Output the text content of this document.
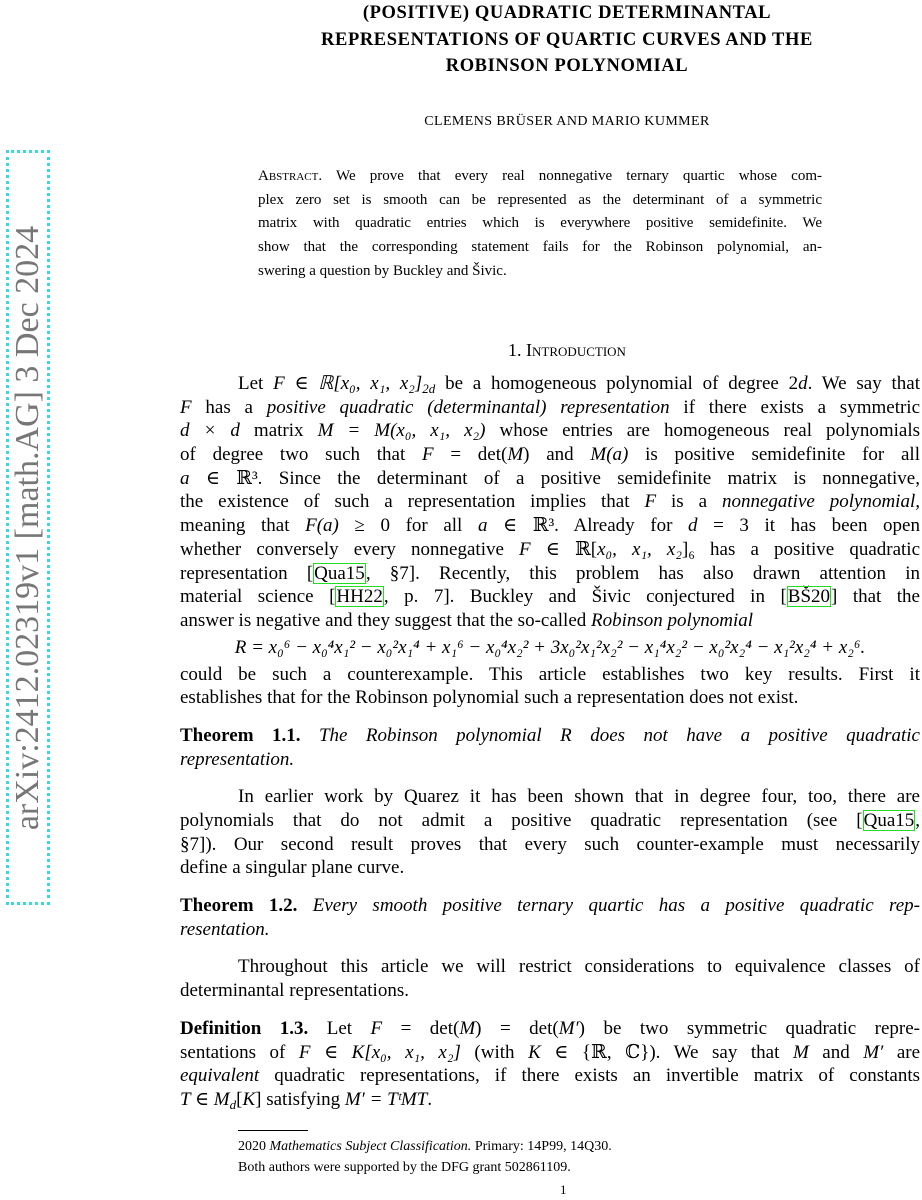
arXiv:2412.02319v1 [math.AG] 3 Dec 2024
(POSITIVE) QUADRATIC DETERMINANTAL
REPRESENTATIONS OF QUARTIC CURVES AND THE
ROBINSON POLYNOMIAL
CLEMENS BRÜSER AND MARIO KUMMER
Abstract. We prove that every real nonnegative ternary quartic whose com-
plex zero set is smooth can be represented as the determinant of a symmetric
matrix with quadratic entries which is everywhere positive semidefinite. We
show that the corresponding statement fails for the Robinson polynomial, an-
swering a question by Buckley and Šivic.
1. Introduction
Let F ∈ ℝ[x₀, x₁, $x_2]_{2d}$ be a homogeneous polynomial of degree 2d. We say that
F has a positive quadratic (determinantal) representation if there exists a symmetric
d × d matrix M = M(x₀, x₁, x₂) whose entries are homogeneous real polynomials
of degree two such that F = det(M) and M(a) is positive semidefinite for all
a ∈ ℝ³. Since the determinant of a positive semidefinite matrix is nonnegative,
the existence of such a representation implies that F is a nonnegative polynomial,
meaning that F(a) ≥ 0 for all a ∈ ℝ³. Already for d = 3 it has been open
whether conversely every nonnegative F ∈ ℝ[x₀, x₁, x₂]₆ has a positive quadratic
representation [Qua15, §7]. Recently, this problem has also drawn attention in
material science [HH22, p. 7]. Buckley and Šivic conjectured in [BŠ20] that the
answer is negative and they suggest that the so-called Robinson polynomial
R = x₀⁶ − x₀⁴x₁² − x₀²x₁⁴ + x₁⁶ − x₀⁴x₂² + 3x₀²x₁²x₂² − x₁⁴x₂² − x₀²x₂⁴ − x₁²x₂⁴ + x₂⁶.
could be such a counterexample. This article establishes two key results. First it
establishes that for the Robinson polynomial such a representation does not exist.
Theorem 1.1. The Robinson polynomial R does not have a positive quadratic
representation.
In earlier work by Quarez it has been shown that in degree four, too, there are
polynomials that do not admit a positive quadratic representation (see [Qua15,
§7]). Our second result proves that every such counter-example must necessarily
define a singular plane curve.
Theorem 1.2. Every smooth positive ternary quartic has a positive quadratic rep-
resentation.
Throughout this article we will restrict considerations to equivalence classes of
determinantal representations.
Definition 1.3. Let F = det(M) = det(M′) be two symmetric quadratic repre-
sentations of F ∈ K[x₀, x₁, x₂] (with K ∈ {ℝ, ℂ}). We say that M and M′ are
equivalent quadratic representations, if there exists an invertible matrix of constants
T ∈ $M_d[K]$ satisfying M′ = TᵗMT.
2020 Mathematics Subject Classification. Primary: 14P99, 14Q30.
Both authors were supported by the DFG grant 502861109.
1
